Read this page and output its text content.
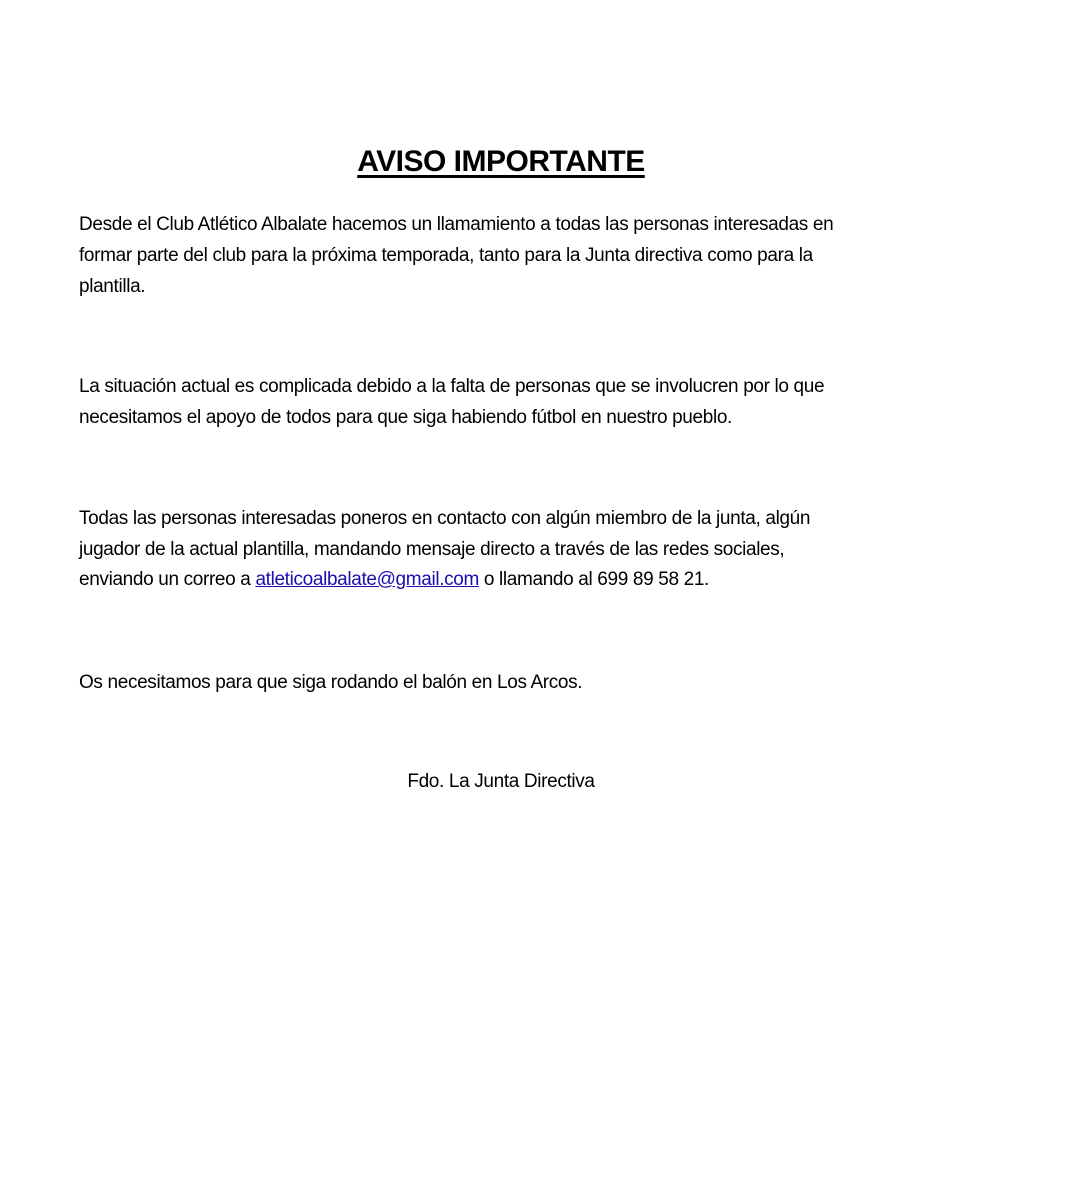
AVISO IMPORTANTE
Desde el Club Atlético Albalate hacemos un llamamiento a todas las personas interesadas en
formar parte del club para la próxima temporada, tanto para la Junta directiva como para la
plantilla.
La situación actual es complicada debido a la falta de personas que se involucren por lo que
necesitamos el apoyo de todos para que siga habiendo fútbol en nuestro pueblo.
Todas las personas interesadas poneros en contacto con algún miembro de la junta, algún
jugador de la actual plantilla, mandando mensaje directo a través de las redes sociales,
enviando un correo a atleticoalbalate@gmail.com o llamando al 699 89 58 21.
Os necesitamos para que siga rodando el balón en Los Arcos.
Fdo. La Junta Directiva
